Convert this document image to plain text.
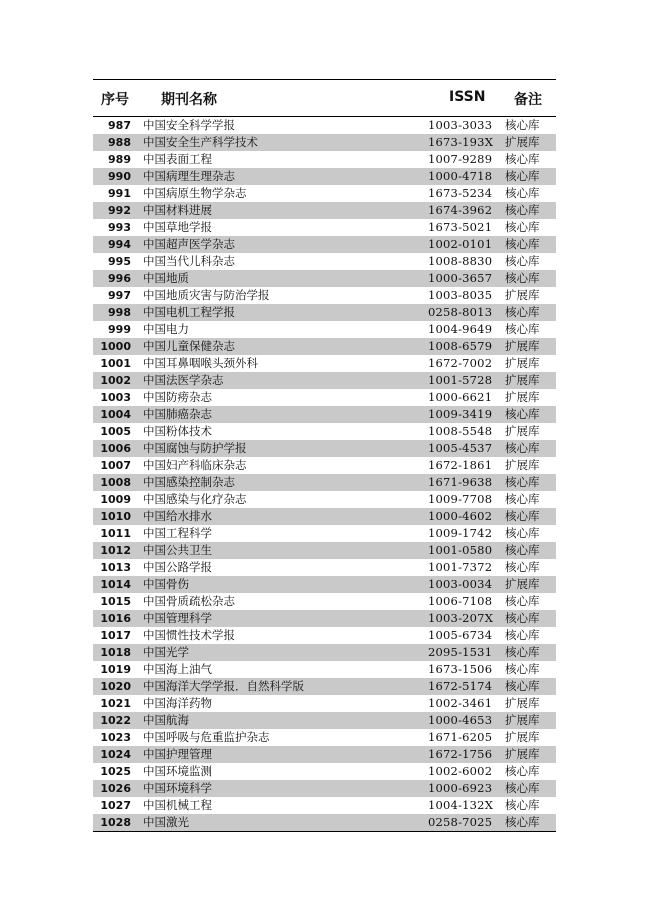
序号 期刊名称	ISSN 备注
987 中国安全科学学报	1003-3033 核心库
988 中国安全生产科学技术	1673-193X 扩展库
989 中国表面工程	1007-9289 核心库
990 中国病理生理杂志	1000-4718 核心库
991 中国病原生物学杂志	1673-5234 核心库
992 中国材料进展	1674-3962 核心库
993 中国草地学报	1673-5021 核心库
994 中国超声医学杂志	1002-0101 核心库
995 中国当代儿科杂志	1008-8830 核心库
996 中国地质	1000-3657 核心库
997 中国地质灾害与防治学报	1003-8035 扩展库
998 中国电机工程学报	0258-8013 核心库
999 中国电力	1004-9649 核心库
1000 中国儿童保健杂志	1008-6579 扩展库
1001 中国耳鼻咽喉头颈外科	1672-7002 扩展库
1002 中国法医学杂志	1001-5728 扩展库
1003 中国防痨杂志	1000-6621 扩展库
1004 中国肺癌杂志	1009-3419 核心库
1005 中国粉体技术	1008-5548 扩展库
1006 中国腐蚀与防护学报	1005-4537 核心库
1007 中国妇产科临床杂志	1672-1861 扩展库
1008 中国感染控制杂志	1671-9638 核心库
1009 中国感染与化疗杂志	1009-7708 核心库
1010 中国给水排水	1000-4602 核心库
1011 中国工程科学	1009-1742 核心库
1012 中国公共卫生	1001-0580 核心库
1013 中国公路学报	1001-7372 核心库
1014 中国骨伤	1003-0034 扩展库
1015 中国骨质疏松杂志	1006-7108 核心库
1016 中国管理科学	1003-207X 核心库
1017 中国惯性技术学报	1005-6734 核心库
1018 中国光学	2095-1531 核心库
1019 中国海上油气	1673-1506 核心库
1020 中国海洋大学学报．自然科学版	1672-5174 核心库
1021 中国海洋药物	1002-3461 扩展库
1022 中国航海	1000-4653 扩展库
1023 中国呼吸与危重监护杂志	1671-6205 扩展库
1024 中国护理管理	1672-1756 扩展库
1025 中国环境监测	1002-6002 核心库
1026 中国环境科学	1000-6923 核心库
1027 中国机械工程	1004-132X 核心库
1028 中国激光	0258-7025 核心库
